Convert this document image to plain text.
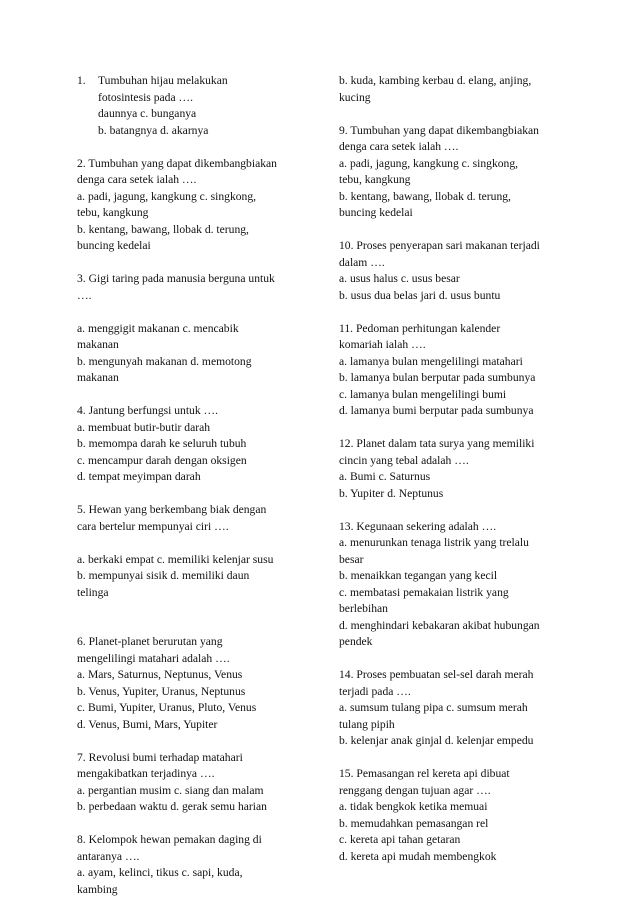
1.	Tumbuhan hijau melakukan
fotosintesis pada ….
daunnya c. bunganya
b. batangnya d. akarnya
2. Tumbuhan yang dapat dikembangbiakan
denga cara setek ialah ….
a. padi, jagung, kangkung c. singkong,
tebu, kangkung
b. kentang, bawang, llobak d. terung,
buncing kedelai
3. Gigi taring pada manusia berguna untuk
….
a. menggigit makanan c. mencabik
makanan
b. mengunyah makanan d. memotong
makanan
4. Jantung berfungsi untuk ….
a. membuat butir-butir darah
b. memompa darah ke seluruh tubuh
c. mencampur darah dengan oksigen
d. tempat meyimpan darah
5. Hewan yang berkembang biak dengan
cara bertelur mempunyai ciri ….
a. berkaki empat c. memiliki kelenjar susu
b. mempunyai sisik d. memiliki daun
telinga
6. Planet-planet berurutan yang
mengelilingi matahari adalah ….
a. Mars, Saturnus, Neptunus, Venus
b. Venus, Yupiter, Uranus, Neptunus
c. Bumi, Yupiter, Uranus, Pluto, Venus
d. Venus, Bumi, Mars, Yupiter
7. Revolusi bumi terhadap matahari
mengakibatkan terjadinya ….
a. pergantian musim c. siang dan malam
b. perbedaan waktu d. gerak semu harian
8. Kelompok hewan pemakan daging di
antaranya ….
a. ayam, kelinci, tikus c. sapi, kuda,
kambing
b. kuda, kambing kerbau d. elang, anjing,
kucing
9. Tumbuhan yang dapat dikembangbiakan
denga cara setek ialah ….
a. padi, jagung, kangkung c. singkong,
tebu, kangkung
b. kentang, bawang, llobak d. terung,
buncing kedelai
10. Proses penyerapan sari makanan terjadi
dalam ….
a. usus halus c. usus besar
b. usus dua belas jari d. usus buntu
11. Pedoman perhitungan kalender
komariah ialah ….
a. lamanya bulan mengelilingi matahari
b. lamanya bulan berputar pada sumbunya
c. lamanya bulan mengelilingi bumi
d. lamanya bumi berputar pada sumbunya
12. Planet dalam tata surya yang memiliki
cincin yang tebal adalah ….
a. Bumi c. Saturnus
b. Yupiter d. Neptunus
13. Kegunaan sekering adalah ….
a. menurunkan tenaga listrik yang trelalu
besar
b. menaikkan tegangan yang kecil
c. membatasi pemakaian listrik yang
berlebihan
d. menghindari kebakaran akibat hubungan
pendek
14. Proses pembuatan sel-sel darah merah
terjadi pada ….
a. sumsum tulang pipa c. sumsum merah
tulang pipih
b. kelenjar anak ginjal d. kelenjar empedu
15. Pemasangan rel kereta api dibuat
renggang dengan tujuan agar ….
a. tidak bengkok ketika memuai
b. memudahkan pemasangan rel
c. kereta api tahan getaran
d. kereta api mudah membengkok
